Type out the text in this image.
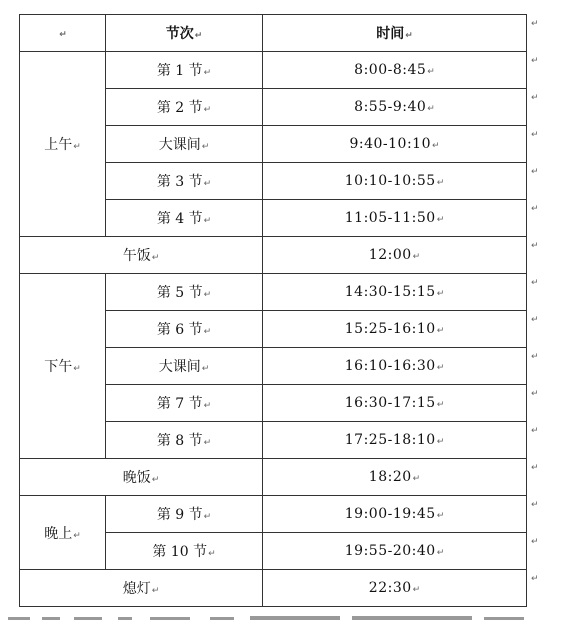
↵	节次↵	时间↵
上午↵	第 1 节↵	8:00-8:45↵
	第 2 节↵	8:55-9:40↵
	大课间↵	9:40-10:10↵
	第 3 节↵	10:10-10:55↵
	第 4 节↵	11:05-11:50↵
午饭↵		12:00↵
下午↵	第 5 节↵	14:30-15:15↵
	第 6 节↵	15:25-16:10↵
	大课间↵	16:10-16:30↵
	第 7 节↵	16:30-17:15↵
	第 8 节↵	17:25-18:10↵
晚饭↵		18:20↵
晚上↵	第 9 节↵	19:00-19:45↵
	第 10 节↵	19:55-20:40↵
熄灯↵		22:30↵
↵
↵
↵
↵
↵
↵
↵
↵
↵
↵
↵
↵
↵
↵
↵
↵
